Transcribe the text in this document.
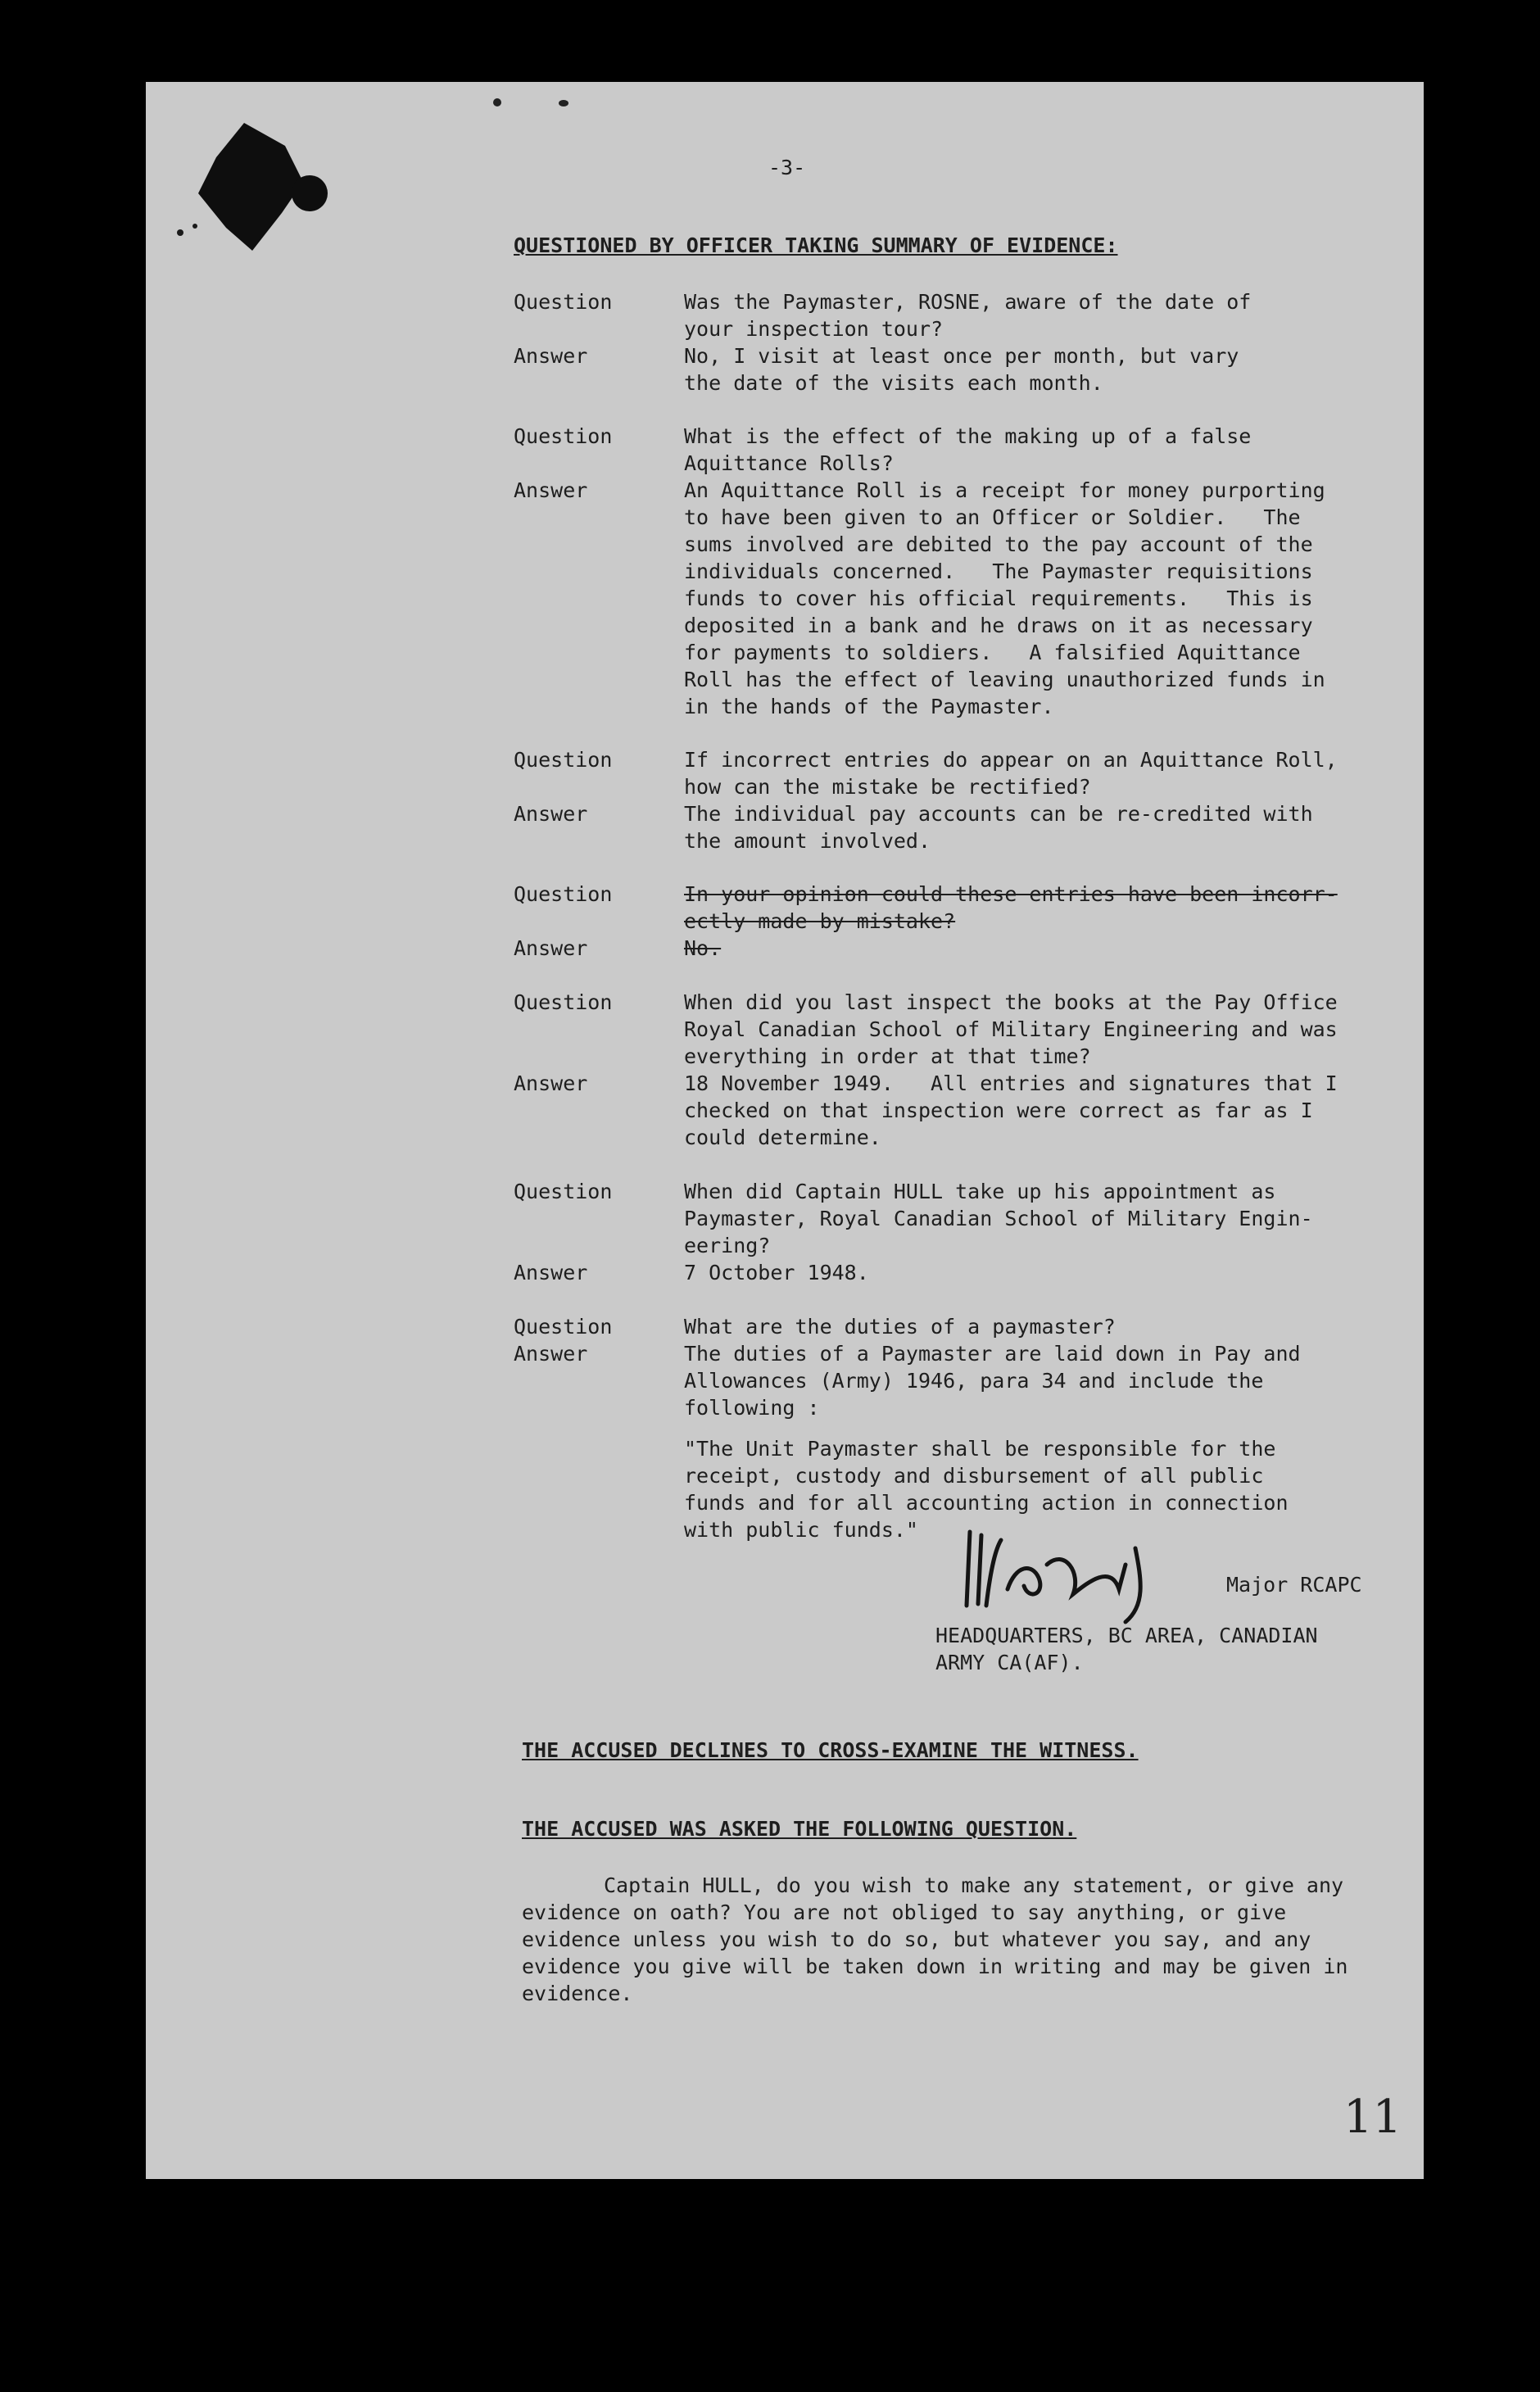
-3-
QUESTIONED BY OFFICER TAKING SUMMARY OF EVIDENCE:
Question	Was the Paymaster, ROSNE, aware of the date of
your inspection tour?
Answer	No, I visit at least once per month, but vary
the date of the visits each month.
Question	What is the effect of the making up of a false
Aquittance Rolls?
Answer	An Aquittance Roll is a receipt for money purporting
to have been given to an Officer or Soldier.   The
sums involved are debited to the pay account of the
individuals concerned.   The Paymaster requisitions
funds to cover his official requirements.   This is
deposited in a bank and he draws on it as necessary
for payments to soldiers.   A falsified Aquittance
Roll has the effect of leaving unauthorized funds in
in the hands of the Paymaster.
Question	If incorrect entries do appear on an Aquittance Roll,
how can the mistake be rectified?
Answer	The individual pay accounts can be re-credited with
the amount involved.
Question	In your opinion could these entries have been incorr-
ectly made by mistake?
Answer	No.
Question	When did you last inspect the books at the Pay Office
Royal Canadian School of Military Engineering and was
everything in order at that time?
Answer	18 November 1949.   All entries and signatures that I
checked on that inspection were correct as far as I
could determine.
Question	When did Captain HULL take up his appointment as
Paymaster, Royal Canadian School of Military Engin-
eering?
Answer	7 October 1948.
Question	What are the duties of a paymaster?
Answer	The duties of a Paymaster are laid down in Pay and
Allowances (Army) 1946, para 34 and include the
following :
"The Unit Paymaster shall be responsible for the
receipt, custody and disbursement of all public
funds and for all accounting action in connection
with public funds."
Major RCAPC
HEADQUARTERS, BC AREA, CANADIAN
ARMY CA(AF).
THE ACCUSED DECLINES TO CROSS-EXAMINE THE WITNESS.
THE ACCUSED WAS ASKED THE FOLLOWING QUESTION.
Captain HULL, do you wish to make any statement, or give any evidence on oath? You are not obliged to say anything, or give evidence unless you wish to do so, but whatever you say, and any evidence you give will be taken down in writing and may be given in evidence.
11
